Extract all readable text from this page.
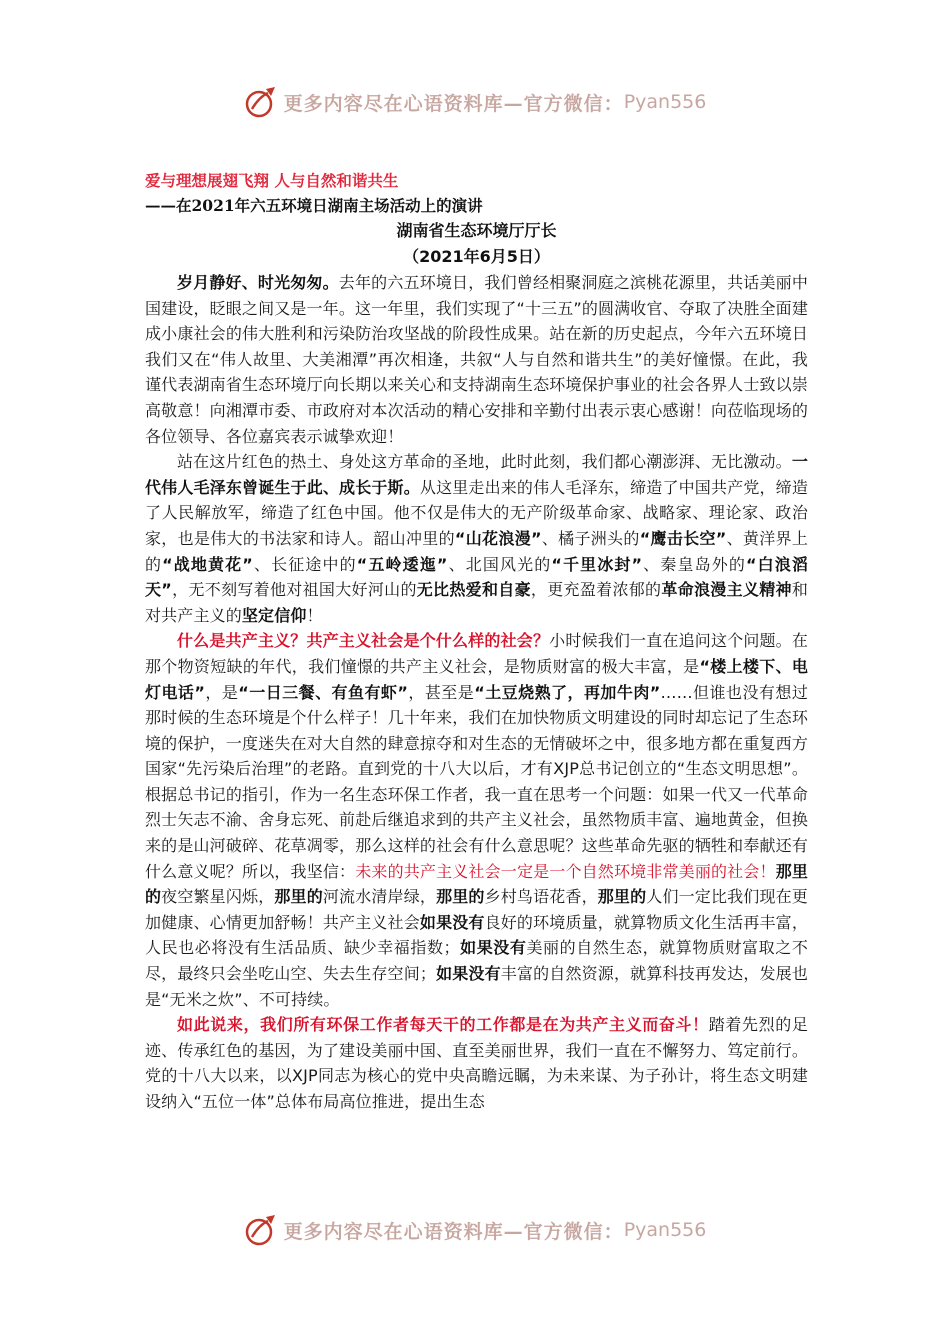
更多内容尽在心语资料库— 官方微信： Pyan556
爱与理想展翅飞翔 人与自然和谐共生
——在2021年六五环境日湖南主场活动上的演讲
湖南省生态环境厅厅长
（2021年6月5日）

岁月静好、时光匆匆。去年的六五环境日，我们曾经相聚洞庭之滨桃花源里，共话美丽中国建设，眨眼之间又是一年。这一年里，我们实现了“十三五”的圆满收官、夺取了决胜全面建成小康社会的伟大胜利和污染防治攻坚战的阶段性成果。站在新的历史起点，今年六五环境日我们又在“伟人故里、大美湘潭”再次相逢，共叙“人与自然和谐共生”的美好憧憬。在此，我谨代表湖南省生态环境厅向长期以来关心和支持湖南生态环境保护事业的社会各界人士致以崇高敬意！向湘潭市委、市政府对本次活动的精心安排和辛勤付出表示衷心感谢！向莅临现场的各位领导、各位嘉宾表示诚挚欢迎！

站在这片红色的热土、身处这方革命的圣地，此时此刻，我们都心潮澎湃、无比激动。一代伟人毛泽东曾诞生于此、成长于斯。从这里走出来的伟人毛泽东，缔造了中国共产党，缔造了人民解放军，缔造了红色中国。他不仅是伟大的无产阶级革命家、战略家、理论家、政治家，也是伟大的书法家和诗人。韶山冲里的“山花浪漫”、橘子洲头的“鹰击长空”、黄洋界上的“战地黄花”、长征途中的“五岭逶迤”、北国风光的“千里冰封”、秦皇岛外的“白浪滔天”，无不刻写着他对祖国大好河山的无比热爱和自豪，更充盈着浓郁的革命浪漫主义精神和对共产主义的坚定信仰！

什么是共产主义？共产主义社会是个什么样的社会？小时候我们一直在追问这个问题。在那个物资短缺的年代，我们憧憬的共产主义社会，是物质财富的极大丰富，是“楼上楼下、电灯电话”，是“一日三餐、有鱼有虾”，甚至是“土豆烧熟了，再加牛肉”……但谁也没有想过那时候的生态环境是个什么样子！几十年来，我们在加快物质文明建设的同时却忘记了生态环境的保护，一度迷失在对大自然的肆意掠夺和对生态的无情破坏之中，很多地方都在重复西方国家“先污染后治理”的老路。直到党的十八大以后，才有XJP总书记创立的“生态文明思想”。根据总书记的指引，作为一名生态环保工作者，我一直在思考一个问题：如果一代又一代革命烈士矢志不渝、舍身忘死、前赴后继追求到的共产主义社会，虽然物质丰富、遍地黄金，但换来的是山河破碎、花草凋零，那么这样的社会有什么意思呢？这些革命先驱的牺牲和奉献还有什么意义呢？所以，我坚信：未来的共产主义社会一定是一个自然环境非常美丽的社会！那里的夜空繁星闪烁，那里的河流水清岸绿，那里的乡村鸟语花香，那里的人们一定比我们现在更加健康、心情更加舒畅！共产主义社会如果没有良好的环境质量，就算物质文化生活再丰富，人民也必将没有生活品质、缺少幸福指数；如果没有美丽的自然生态，就算物质财富取之不尽，最终只会坐吃山空、失去生存空间；如果没有丰富的自然资源，就算科技再发达，发展也是“无米之炊”、不可持续。

如此说来，我们所有环保工作者每天干的工作都是在为共产主义而奋斗！踏着先烈的足迹、传承红色的基因，为了建设美丽中国、直至美丽世界，我们一直在不懈努力、笃定前行。党的十八大以来，以XJP同志为核心的党中央高瞻远瞩，为未来谋、为子孙计，将生态文明建设纳入“五位一体”总体布局高位推进，提出生态

更多内容尽在心语资料库— 官方微信： Pyan556
